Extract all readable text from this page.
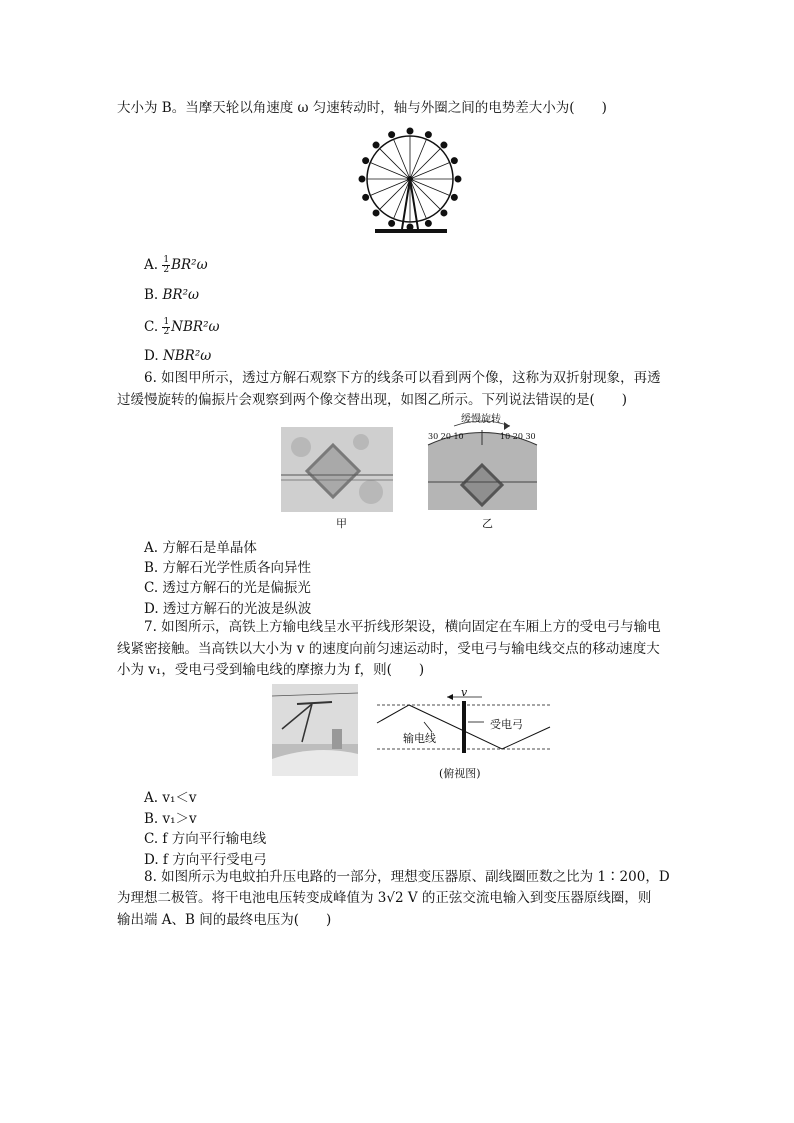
大小为 B。当摩天轮以角速度 ω 匀速转动时，轴与外圈之间的电势差大小为(　　)
A. $\frac{1}{2} BR^2\omega$
B. BR²ω
C. $\frac{1}{2} NBR^2\omega$
D. NBR²ω
6. 如图甲所示，透过方解石观察下方的线条可以看到两个像，这称为双折射现象，再透
过缓慢旋转的偏振片会观察到两个像交替出现，如图乙所示。下列说法错误的是(　　)
缓慢旋转
30 20 10	10 20 30
甲	乙
A. 方解石是单晶体
B. 方解石光学性质各向异性
C. 透过方解石的光是偏振光
D. 透过方解石的光波是纵波
7. 如图所示，高铁上方输电线呈水平折线形架设，横向固定在车厢上方的受电弓与输电
线紧密接触。当高铁以大小为 v 的速度向前匀速运动时，受电弓与输电线交点的移动速度大
小为 v₁，受电弓受到输电线的摩擦力为 f，则(　　)
v
受电弓
输电线
(俯视图)
A. v₁＜v
B. v₁＞v
C. f 方向平行输电线
D. f 方向平行受电弓
8. 如图所示为电蚊拍升压电路的一部分，理想变压器原、副线圈匝数之比为 1∶200，D
为理想二极管。将干电池电压转变成峰值为 3√2 V 的正弦交流电输入到变压器原线圈，则
输出端 A、B 间的最终电压为(　　)
